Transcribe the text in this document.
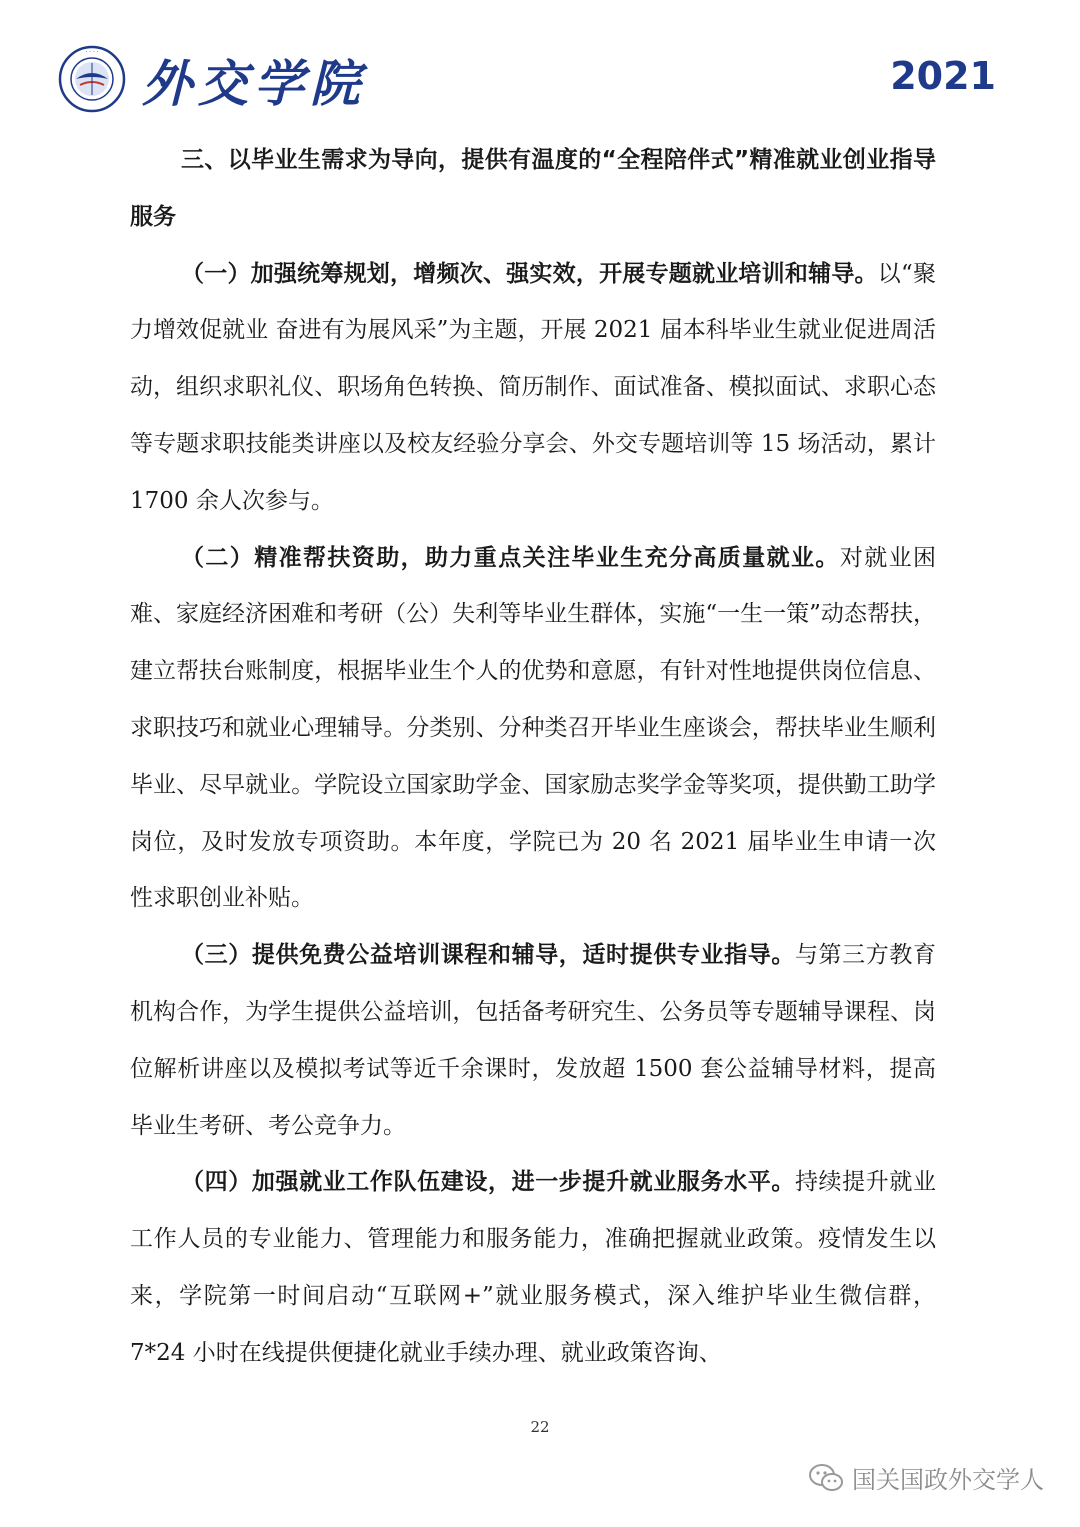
· · · ·
外交学院	2021

三、以毕业生需求为导向，提供有温度的“全程陪伴式”精准就业创业指导服务

（一）加强统筹规划，增频次、强实效，开展专题就业培训和辅导。以“聚力增效促就业 奋进有为展风采”为主题，开展 2021 届本科毕业生就业促进周活动，组织求职礼仪、职场角色转换、简历制作、面试准备、模拟面试、求职心态等专题求职技能类讲座以及校友经验分享会、外交专题培训等 15 场活动，累计 1700 余人次参与。

（二）精准帮扶资助，助力重点关注毕业生充分高质量就业。对就业困难、家庭经济困难和考研（公）失利等毕业生群体，实施“一生一策”动态帮扶，建立帮扶台账制度，根据毕业生个人的优势和意愿，有针对性地提供岗位信息、求职技巧和就业心理辅导。分类别、分种类召开毕业生座谈会，帮扶毕业生顺利毕业、尽早就业。学院设立国家助学金、国家励志奖学金等奖项，提供勤工助学岗位，及时发放专项资助。本年度，学院已为 20 名 2021 届毕业生申请一次性求职创业补贴。

（三）提供免费公益培训课程和辅导，适时提供专业指导。与第三方教育机构合作，为学生提供公益培训，包括备考研究生、公务员等专题辅导课程、岗位解析讲座以及模拟考试等近千余课时，发放超 1500 套公益辅导材料，提高毕业生考研、考公竞争力。

（四）加强就业工作队伍建设，进一步提升就业服务水平。持续提升就业工作人员的专业能力、管理能力和服务能力，准确把握就业政策。疫情发生以来，学院第一时间启动“互联网+”就业服务模式，深入维护毕业生微信群，7*24 小时在线提供便捷化就业手续办理、就业政策咨询、

22
国关国政外交学人
